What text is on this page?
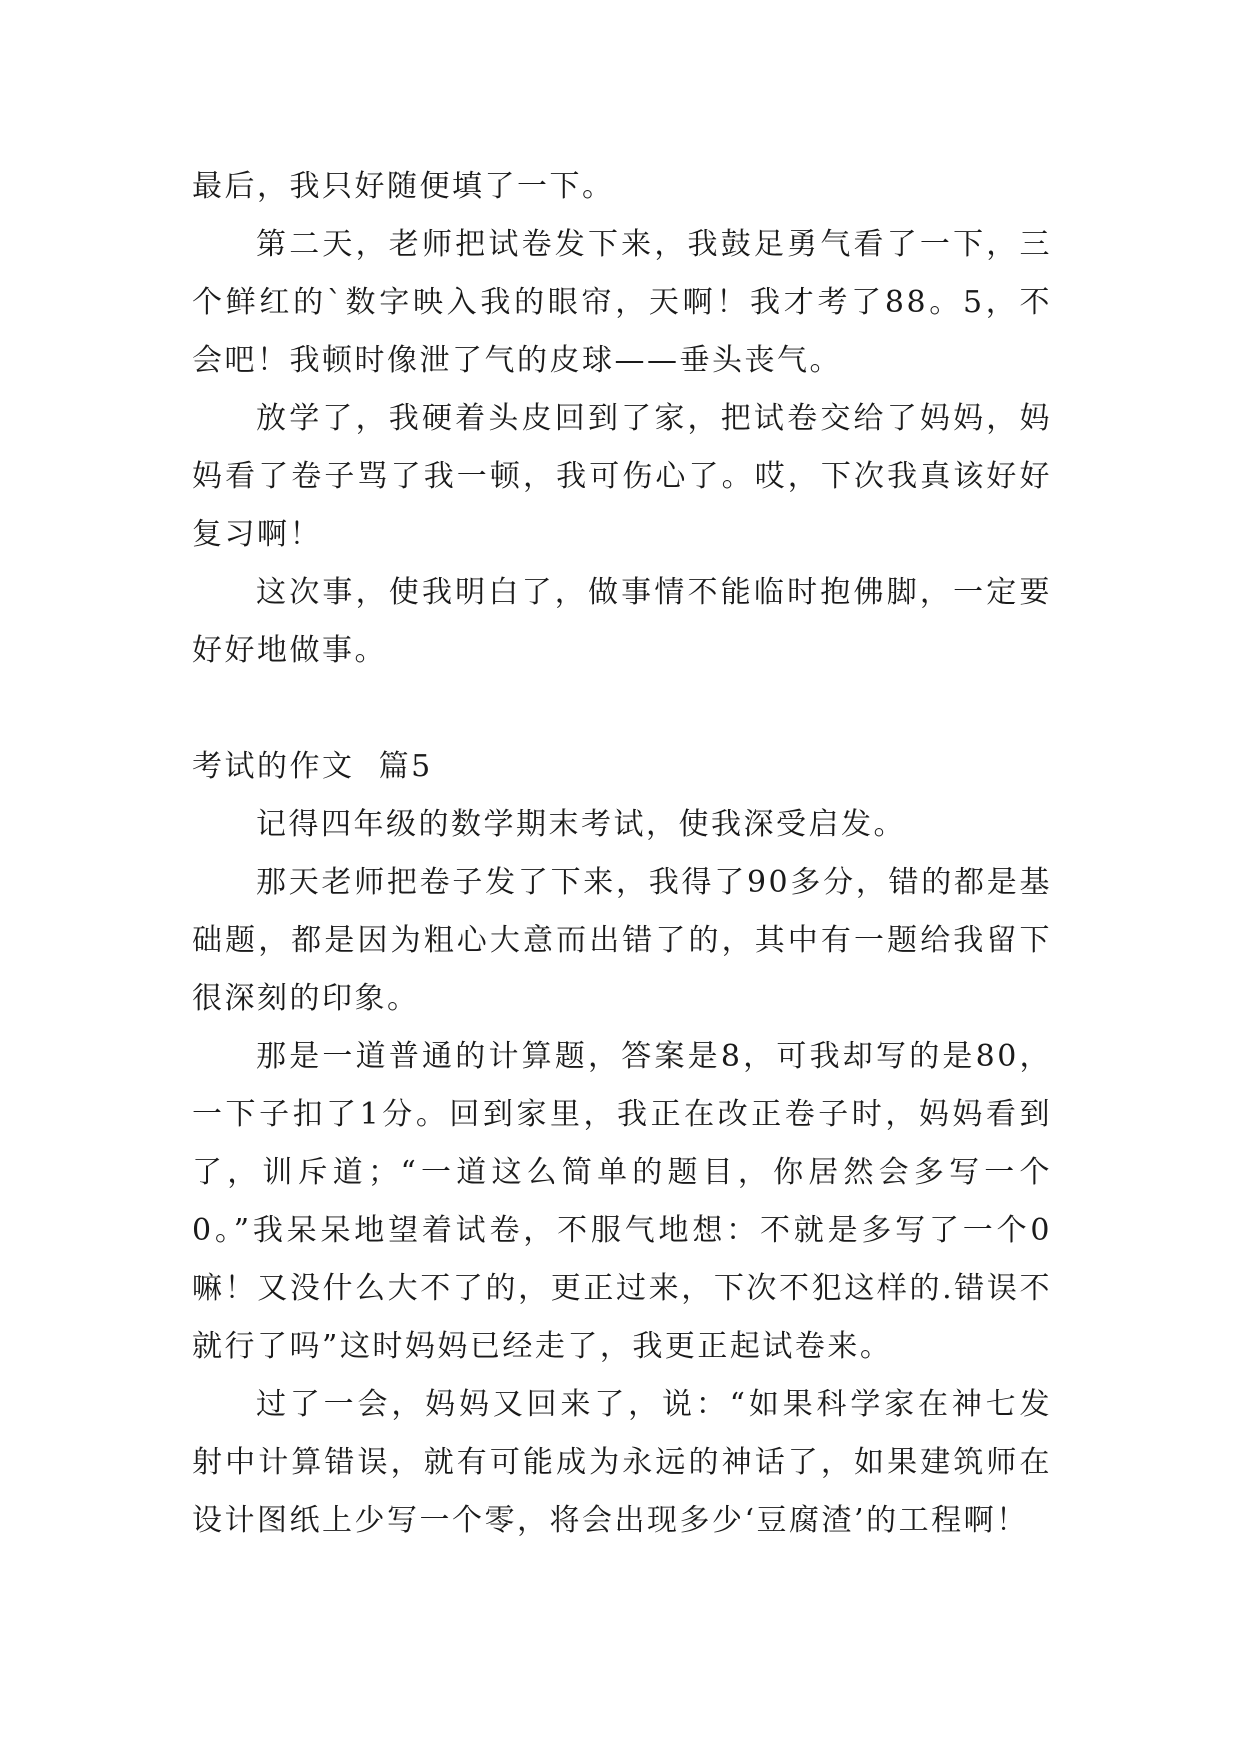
最后，我只好随便填了一下。

第二天，老师把试卷发下来，我鼓足勇气看了一下，三个鲜红的`数字映入我的眼帘，天啊！我才考了88。5，不会吧！我顿时像泄了气的皮球——垂头丧气。

放学了，我硬着头皮回到了家，把试卷交给了妈妈，妈妈看了卷子骂了我一顿，我可伤心了。哎，下次我真该好好复习啊！

这次事，使我明白了，做事情不能临时抱佛脚，一定要好好地做事。

考试的作文  篇5

记得四年级的数学期末考试，使我深受启发。

那天老师把卷子发了下来，我得了90多分，错的都是基础题，都是因为粗心大意而出错了的，其中有一题给我留下很深刻的印象。

那是一道普通的计算题，答案是8，可我却写的是80，一下子扣了1分。回到家里，我正在改正卷子时，妈妈看到了，训斥道；“一道这么简单的题目，你居然会多写一个0。”我呆呆地望着试卷，不服气地想：不就是多写了一个0嘛！又没什么大不了的，更正过来，下次不犯这样的.错误不就行了吗”这时妈妈已经走了，我更正起试卷来。

过了一会，妈妈又回来了，说：“如果科学家在神七发射中计算错误，就有可能成为永远的神话了，如果建筑师在设计图纸上少写一个零，将会出现多少‘豆腐渣’的工程啊！
